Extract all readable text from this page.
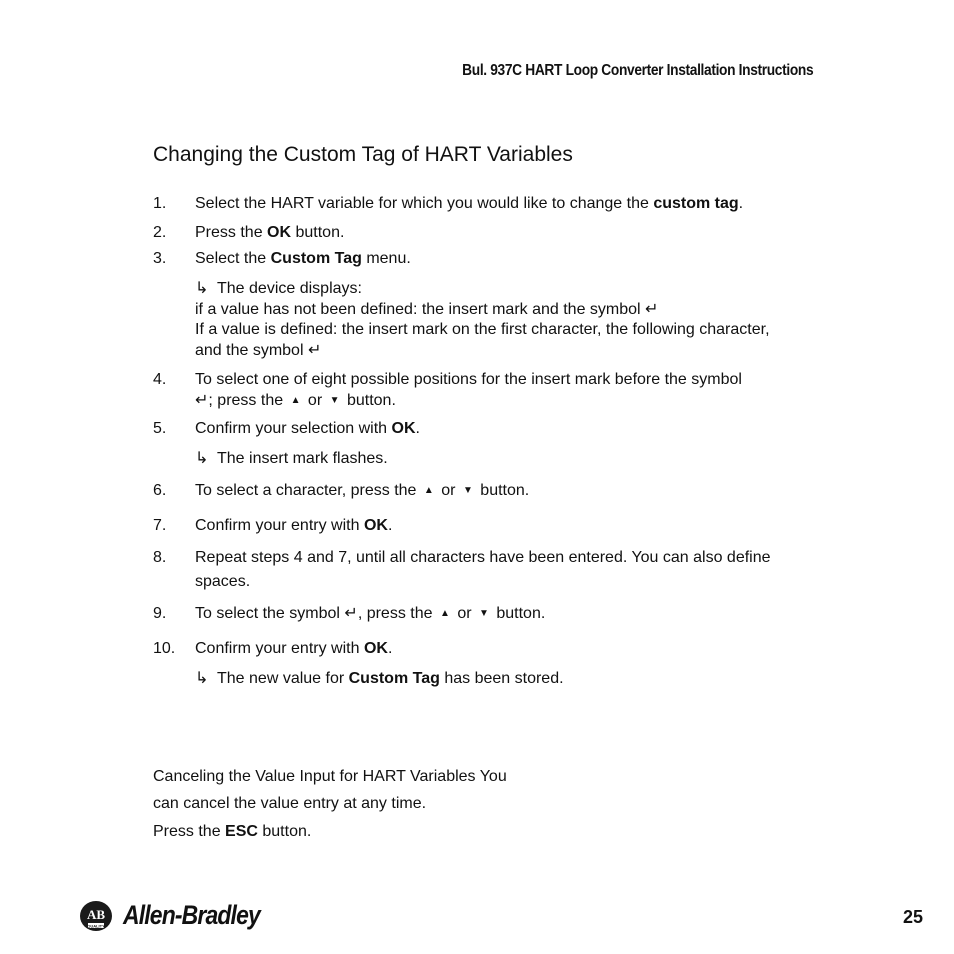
Bul. 937C HART Loop Converter Installation Instructions
Changing the Custom Tag of HART Variables
1. Select the HART variable for which you would like to change the custom tag.
2. Press the OK button.
3. Select the Custom Tag menu.
↳ The device displays:
if a value has not been defined: the insert mark and the symbol ↵
If a value is defined: the insert mark on the first character, the following character,
and the symbol ↵
4. To select one of eight possible positions for the insert mark before the symbol
↵; press the ▲ or ▼ button.
5. Confirm your selection with OK.
↳ The insert mark flashes.
6. To select a character, press the ▲ or ▼ button.
7. Confirm your entry with OK.
8. Repeat steps 4 and 7, until all characters have been entered. You can also define
spaces.
9. To select the symbol ↵, press the ▲ or ▼ button.
10. Confirm your entry with OK.
↳ The new value for Custom Tag has been stored.
Canceling the Value Input for HART Variables You
can cancel the value entry at any time.
Press the ESC button.
AB
QUALITY Allen-Bradley	25
